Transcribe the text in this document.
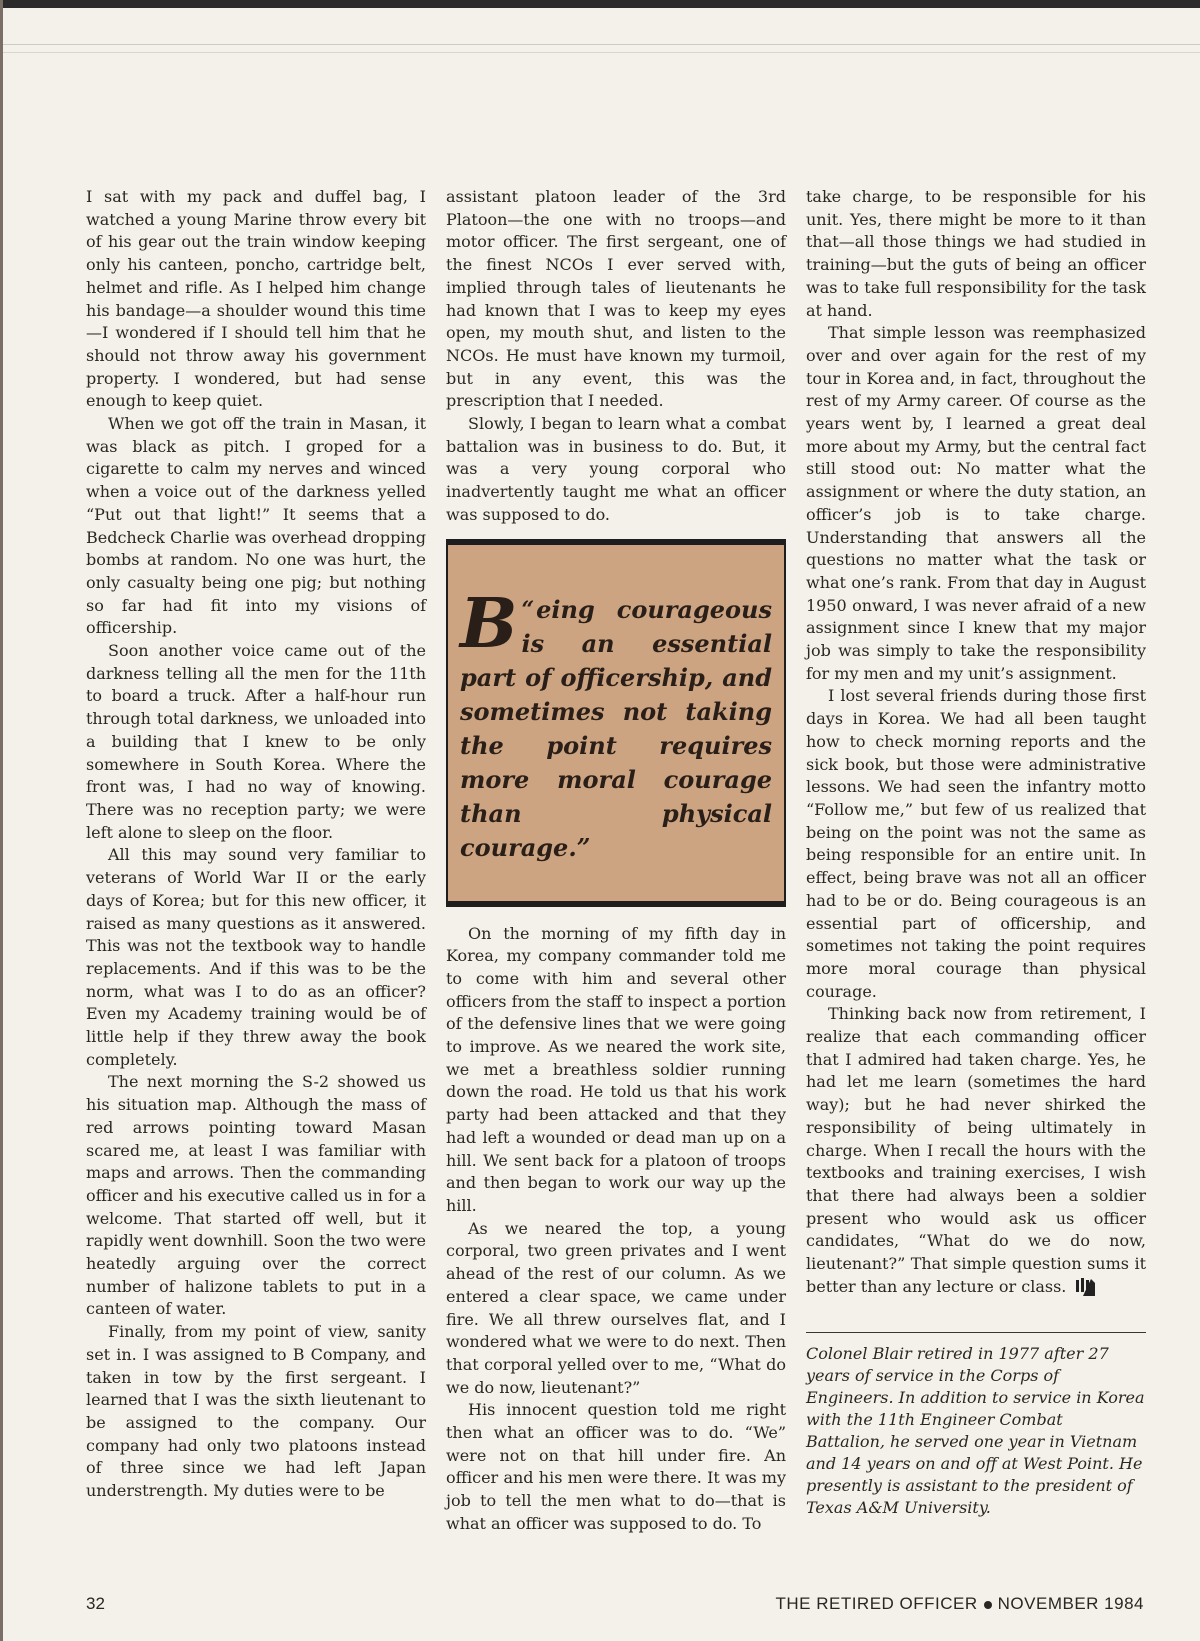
I sat with my pack and duffel bag, I watched a young Marine throw every bit of his gear out the train window keeping only his canteen, poncho, cartridge belt, helmet and rifle. As I helped him change his bandage—a shoulder wound this time—I wondered if I should tell him that he should not throw away his government property. I wondered, but had sense enough to keep quiet.

When we got off the train in Masan, it was black as pitch. I groped for a cigarette to calm my nerves and winced when a voice out of the darkness yelled “Put out that light!” It seems that a Bedcheck Charlie was overhead dropping bombs at random. No one was hurt, the only casualty being one pig; but nothing so far had fit into my visions of officership.

Soon another voice came out of the darkness telling all the men for the 11th to board a truck. After a half-hour run through total darkness, we unloaded into a building that I knew to be only somewhere in South Korea. Where the front was, I had no way of knowing. There was no reception party; we were left alone to sleep on the floor.

All this may sound very familiar to veterans of World War II or the early days of Korea; but for this new officer, it raised as many questions as it answered. This was not the textbook way to handle replacements. And if this was to be the norm, what was I to do as an officer? Even my Academy training would be of little help if they threw away the book completely.

The next morning the S-2 showed us his situation map. Although the mass of red arrows pointing toward Masan scared me, at least I was familiar with maps and arrows. Then the commanding officer and his executive called us in for a welcome. That started off well, but it rapidly went downhill. Soon the two were heatedly arguing over the correct number of halizone tablets to put in a canteen of water.

Finally, from my point of view, sanity set in. I was assigned to B Company, and taken in tow by the first sergeant. I learned that I was the sixth lieutenant to be assigned to the company. Our company had only two platoons instead of three since we had left Japan understrength. My duties were to be

assistant platoon leader of the 3rd Platoon—the one with no troops—and motor officer. The first sergeant, one of the finest NCOs I ever served with, implied through tales of lieutenants he had known that I was to keep my eyes open, my mouth shut, and listen to the NCOs. He must have known my turmoil, but in any event, this was the prescription that I needed.

Slowly, I began to learn what a combat battalion was in business to do. But, it was a very young corporal who inadvertently taught me what an officer was supposed to do.

“
B eing courageous is an essential part of officership, and sometimes not taking the point requires more moral courage than physical courage.”

On the morning of my fifth day in Korea, my company commander told me to come with him and several other officers from the staff to inspect a portion of the defensive lines that we were going to improve. As we neared the work site, we met a breathless soldier running down the road. He told us that his work party had been attacked and that they had left a wounded or dead man up on a hill. We sent back for a platoon of troops and then began to work our way up the hill.

As we neared the top, a young corporal, two green privates and I went ahead of the rest of our column. As we entered a clear space, we came under fire. We all threw ourselves flat, and I wondered what we were to do next. Then that corporal yelled over to me, “What do we do now, lieutenant?”

His innocent question told me right then what an officer was to do. “We” were not on that hill under fire. An officer and his men were there. It was my job to tell the men what to do—that is what an officer was supposed to do. To

take charge, to be responsible for his unit. Yes, there might be more to it than that—all those things we had studied in training—but the guts of being an officer was to take full responsibility for the task at hand.

That simple lesson was reemphasized over and over again for the rest of my tour in Korea and, in fact, throughout the rest of my Army career. Of course as the years went by, I learned a great deal more about my Army, but the central fact still stood out: No matter what the assignment or where the duty station, an officer’s job is to take charge. Understanding that answers all the questions no matter what the task or what one’s rank. From that day in August 1950 onward, I was never afraid of a new assignment since I knew that my major job was simply to take the responsibility for my men and my unit’s assignment.

I lost several friends during those first days in Korea. We had all been taught how to check morning reports and the sick book, but those were administrative lessons. We had seen the infantry motto “Follow me,” but few of us realized that being on the point was not the same as being responsible for an entire unit. In effect, being brave was not all an officer had to be or do. Being courageous is an essential part of officership, and sometimes not taking the point requires more moral courage than physical courage.

Thinking back now from retirement, I realize that each commanding officer that I admired had taken charge. Yes, he had let me learn (sometimes the hard way); but he had never shirked the responsibility of being ultimately in charge. When I recall the hours with the textbooks and training exercises, I wish that there had always been a soldier present who would ask us officer candidates, “What do we do now, lieutenant?” That simple question sums it better than any lecture or class.

Colonel Blair retired in 1977 after 27 years of service in the Corps of Engineers. In addition to service in Korea with the 11th Engineer Combat Battalion, he served one year in Vietnam and 14 years on and off at West Point. He presently is assistant to the president of Texas A&M University.

32	THE RETIRED OFFICER NOVEMBER 1984
